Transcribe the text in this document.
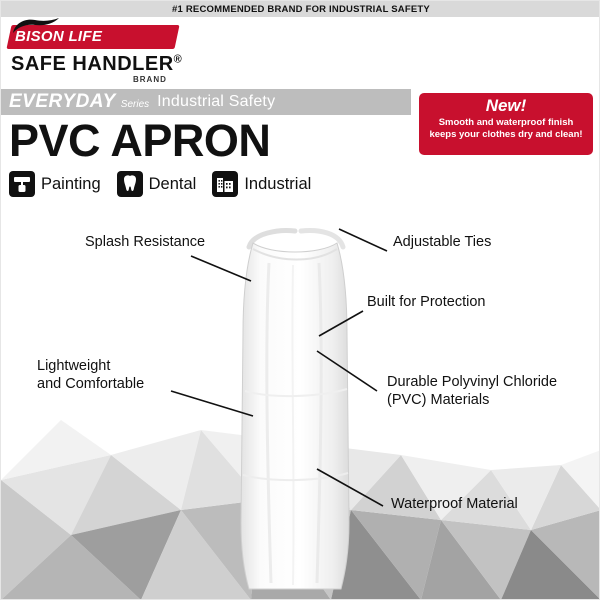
#1 RECOMMENDED BRAND FOR INDUSTRIAL SAFETY
BISON LIFE
SAFE HANDLER®
BRAND
EVERYDAY Series Industrial Safety
PVC APRON
New!
Smooth and waterproof finish keeps your clothes dry and clean!
Painting	Dental	Industrial
Splash Resistance	Adjustable Ties
Built for Protection
Lightweight
and Comfortable	Durable Polyvinyl Chloride
(PVC) Materials
Waterproof Material
